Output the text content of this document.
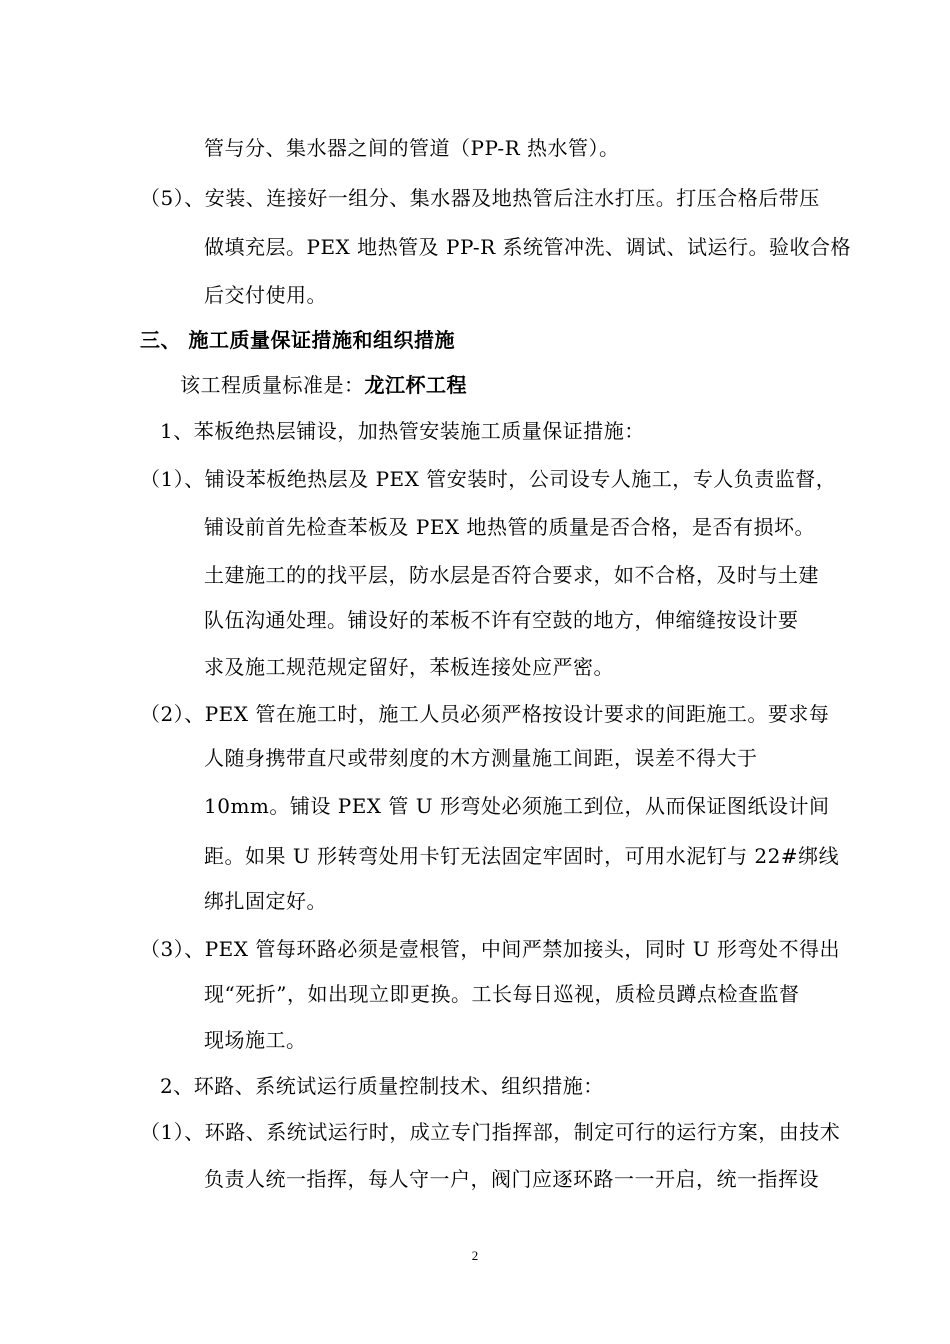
管与分、集水器之间的管道（PP-R 热水管）。
（5）、安装、连接好一组分、集水器及地热管后注水打压。打压合格后带压
做填充层。PEX 地热管及 PP-R 系统管冲洗、调试、试运行。验收合格
后交付使用。
三、 施工质量保证措施和组织措施
该工程质量标准是：龙江杯工程
1、苯板绝热层铺设，加热管安装施工质量保证措施：
（1）、铺设苯板绝热层及 PEX 管安装时，公司设专人施工，专人负责监督，
铺设前首先检查苯板及 PEX 地热管的质量是否合格，是否有损坏。
土建施工的的找平层，防水层是否符合要求，如不合格，及时与土建
队伍沟通处理。铺设好的苯板不许有空鼓的地方，伸缩缝按设计要
求及施工规范规定留好，苯板连接处应严密。
（2）、PEX 管在施工时，施工人员必须严格按设计要求的间距施工。要求每
人随身携带直尺或带刻度的木方测量施工间距，误差不得大于
10mm。铺设 PEX 管 U 形弯处必须施工到位，从而保证图纸设计间
距。如果 U 形转弯处用卡钉无法固定牢固时，可用水泥钉与 22#绑线
绑扎固定好。
（3）、PEX 管每环路必须是壹根管，中间严禁加接头，同时 U 形弯处不得出
现“死折”，如出现立即更换。工长每日巡视，质检员蹲点检查监督
现场施工。
2、环路、系统试运行质量控制技术、组织措施：
（1）、环路、系统试运行时，成立专门指挥部，制定可行的运行方案，由技术
负责人统一指挥，每人守一户，阀门应逐环路一一开启，统一指挥设
2
